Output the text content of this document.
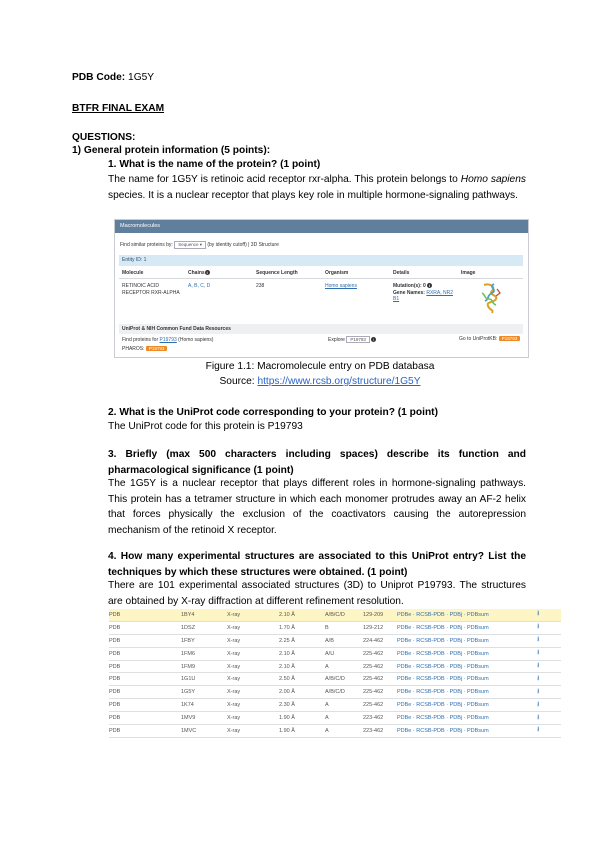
PDB Code: 1G5Y
BTFR FINAL EXAM
QUESTIONS:
1) General protein information (5 points):
1. What is the name of the protein? (1 point)
The name for 1G5Y is retinoic acid receptor rxr-alpha. This protein belongs to Homo sapiens species. It is a nuclear receptor that plays key role in multiple hormone-signaling pathways.
Macromolecules
Find similar proteins by: Sequence ▾ (by identity cutoff) | 3D Structure
Entity ID: 1
Molecule	Chains i	Sequence Length	Organism	Details	Image
RETINOIC ACID
RECEPTOR RXR-ALPHA
A, B, C, D	238	Homo sapiens	Mutation(s): 0 i
Gene Names: RXRA, NR2
B1
UniProt & NIH Common Fund Data Resources
Find proteins for P19793 (Homo sapiens)	Explore P19793 i	Go to UniProtKB: P19793
PHAROS: P19793
Figure 1.1: Macromolecule entry on PDB databasa
Source: https://www.rcsb.org/structure/1G5Y
2. What is the UniProt code corresponding to your protein? (1 point)
The UniProt code for this protein is P19793
3. Briefly (max 500 characters including spaces) describe its function and pharmacological significance (1 point)
The 1G5Y is a nuclear receptor that plays different roles in hormone-signaling pathways. This protein has a tetramer structure in which each monomer protrudes away an AF-2 helix that forces physically the exclusion of the coactivators causing the autorepression mechanism of the retinoid X receptor.
4. How many experimental structures are associated to this UniProt entry? List the techniques by which these structures were obtained. (1 point)
There are 101 experimental associated structures (3D) to Uniprot P19793. The structures are obtained by X-ray diffraction at different refinement resolution.
PDB	1BY4	X-ray	2.10 Å	A/B/C/D	129-209	PDBe · RCSB-PDB · PDBj · PDBsum	⭳
PDB	1DSZ	X-ray	1.70 Å	B	129-212	PDBe · RCSB-PDB · PDBj · PDBsum	⭳
PDB	1FBY	X-ray	2.25 Å	A/B	224-462	PDBe · RCSB-PDB · PDBj · PDBsum	⭳
PDB	1FM6	X-ray	2.10 Å	A/U	225-462	PDBe · RCSB-PDB · PDBj · PDBsum	⭳
PDB	1FM9	X-ray	2.10 Å	A	225-462	PDBe · RCSB-PDB · PDBj · PDBsum	⭳
PDB	1G1U	X-ray	2.50 Å	A/B/C/D	225-462	PDBe · RCSB-PDB · PDBj · PDBsum	⭳
PDB	1G5Y	X-ray	2.00 Å	A/B/C/D	225-462	PDBe · RCSB-PDB · PDBj · PDBsum	⭳
PDB	1K74	X-ray	2.30 Å	A	225-462	PDBe · RCSB-PDB · PDBj · PDBsum	⭳
PDB	1MV9	X-ray	1.90 Å	A	223-462	PDBe · RCSB-PDB · PDBj · PDBsum	⭳
PDB	1MVC	X-ray	1.90 Å	A	223-462	PDBe · RCSB-PDB · PDBj · PDBsum	⭳
